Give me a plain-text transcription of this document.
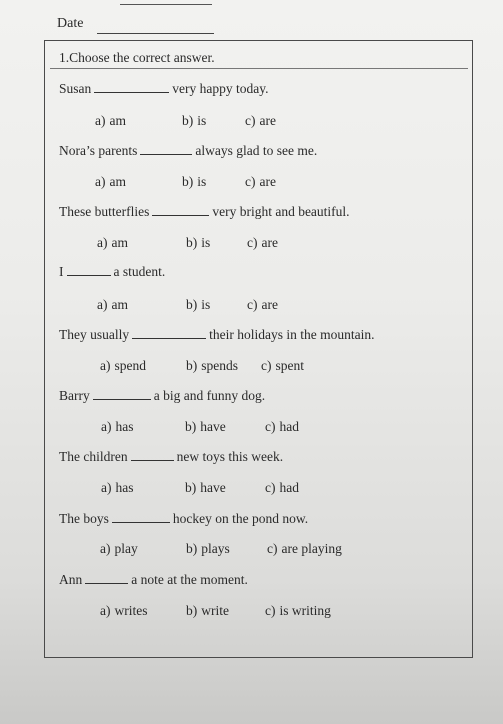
Date
1.Choose the correct answer.
Susan	very happy today.
a) am	b) is	c) are
Nora’s parents	always glad to see me.
a) am	b) is	c) are
These butterflies	very bright and beautiful.
a) am	b) is	c) are
I	a student.
a) am	b) is	c) are
They usually	their holidays in the mountain.
a) spend	b) spends c) spent
Barry	a big and funny dog.
a) has	b) have	c) had
The children	new toys this week.
a) has	b) have	c) had
The boys	hockey on the pond now.
a) play	b) plays	c) are playing
Ann	a note at the moment.
a) writes	b) write	c) is writing
